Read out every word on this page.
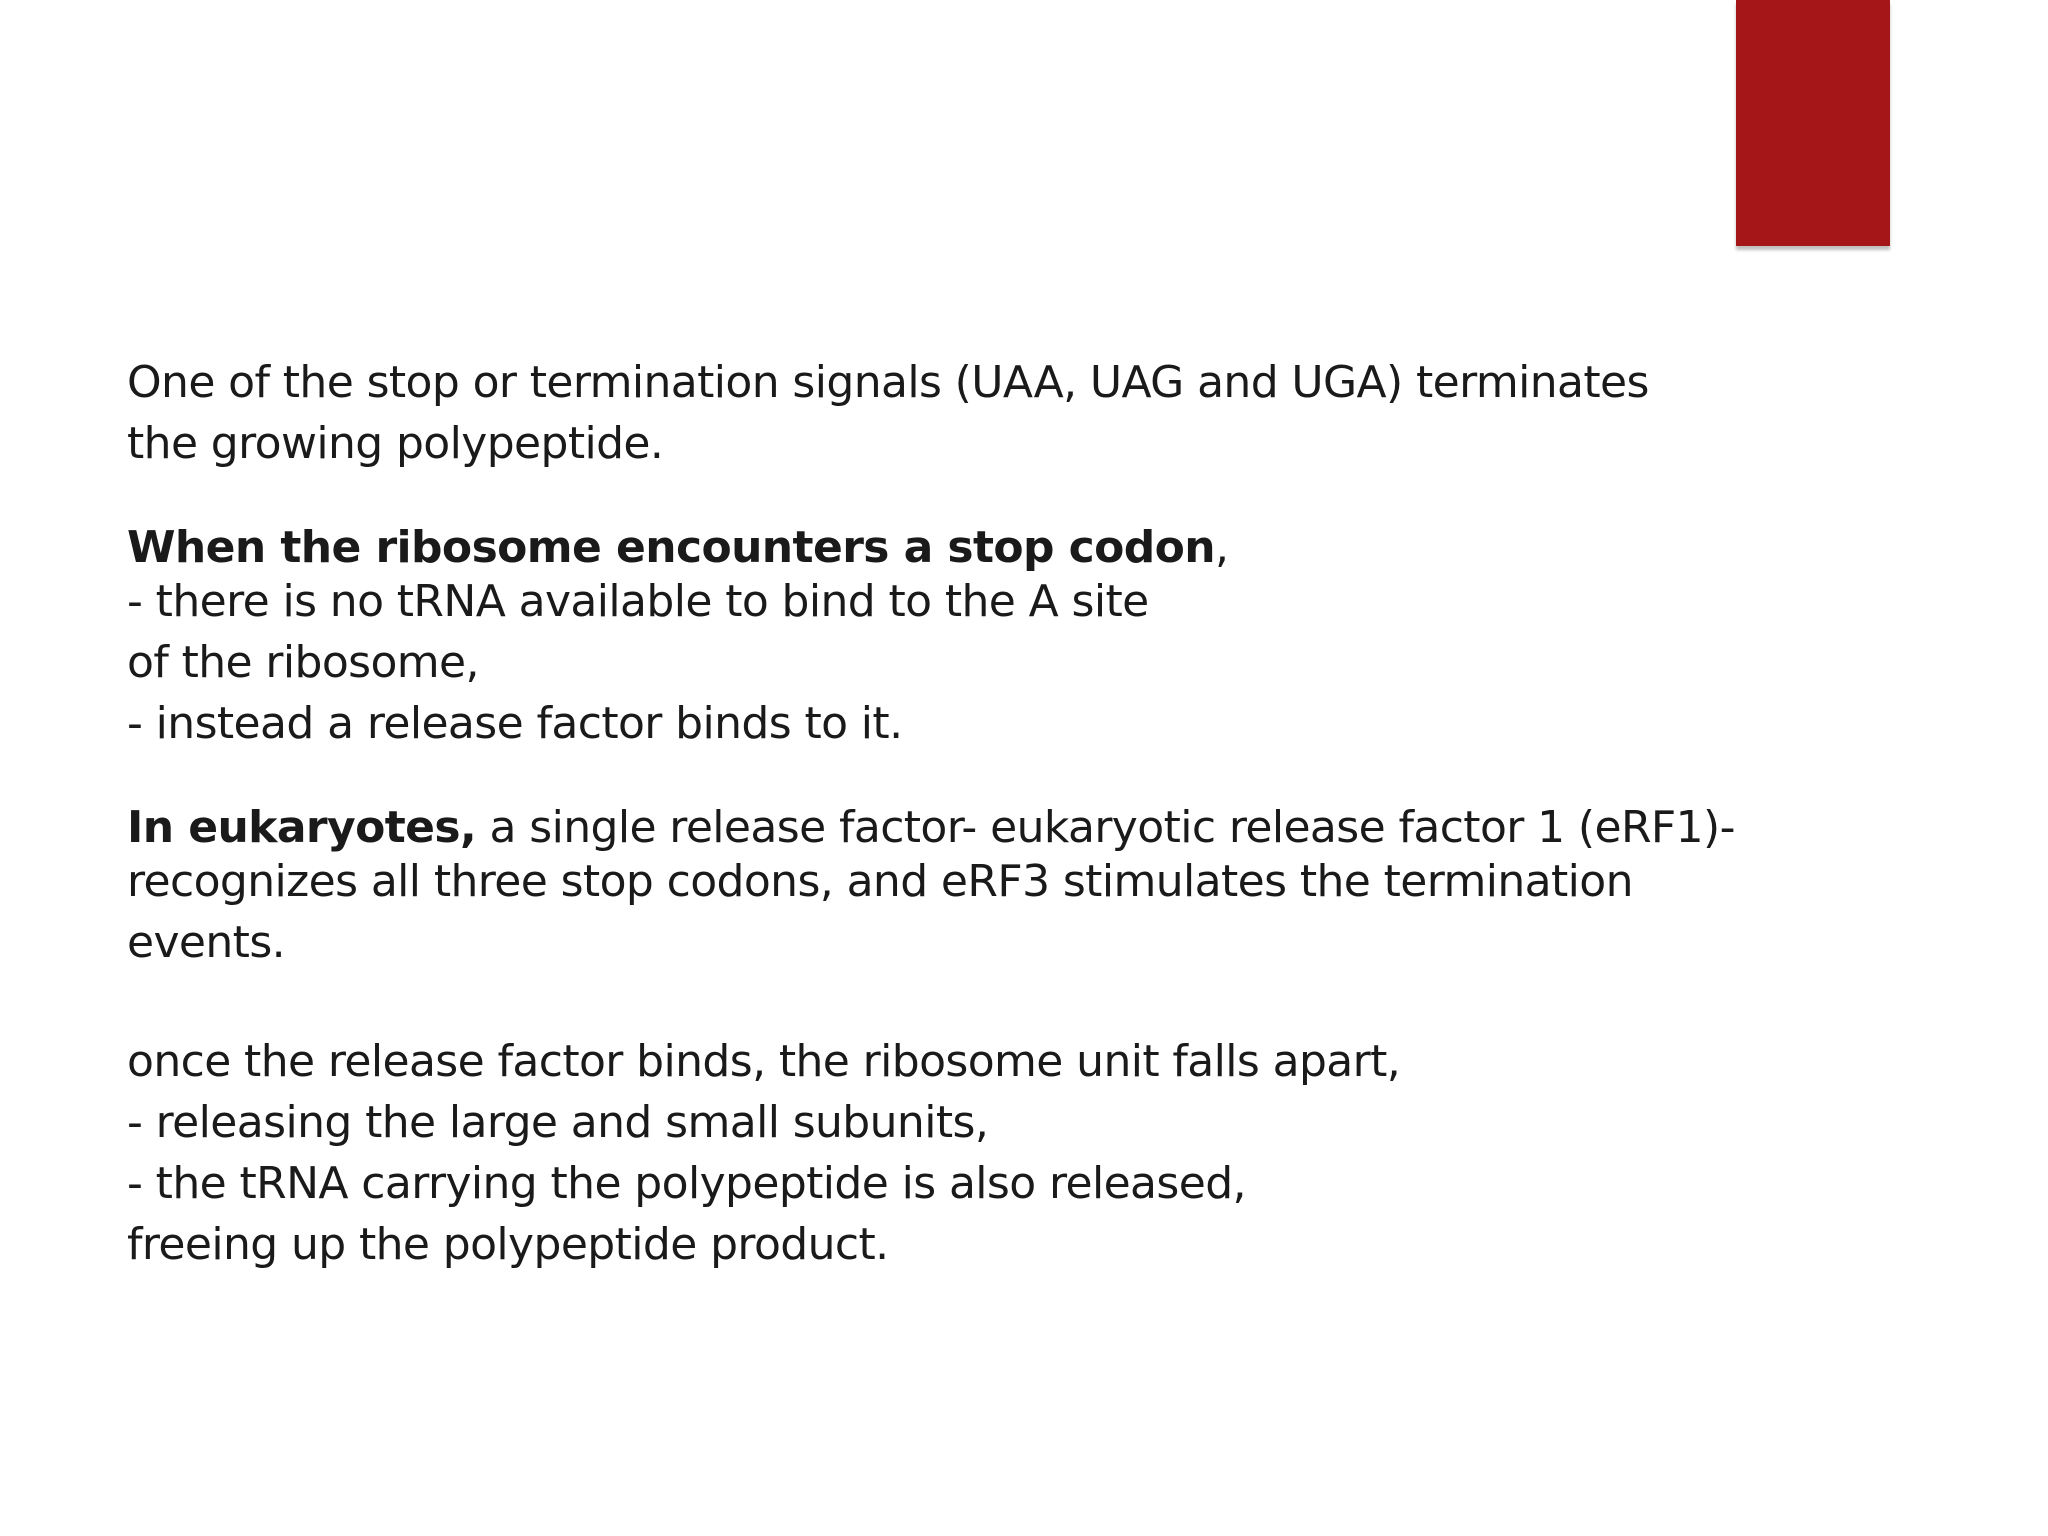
One of the stop or termination signals (UAA, UAG and UGA) terminates
the growing polypeptide.

When the ribosome encounters a stop codon,
- there is no tRNA available to bind to the A site
of the ribosome,
- instead a release factor binds to it.

In eukaryotes, a single release factor- eukaryotic release factor 1 (eRF1)-
recognizes all three stop codons, and eRF3 stimulates the termination
events.

once the release factor binds, the ribosome unit falls apart,
- releasing the large and small subunits,
- the tRNA carrying the polypeptide is also released,
freeing up the polypeptide product.
